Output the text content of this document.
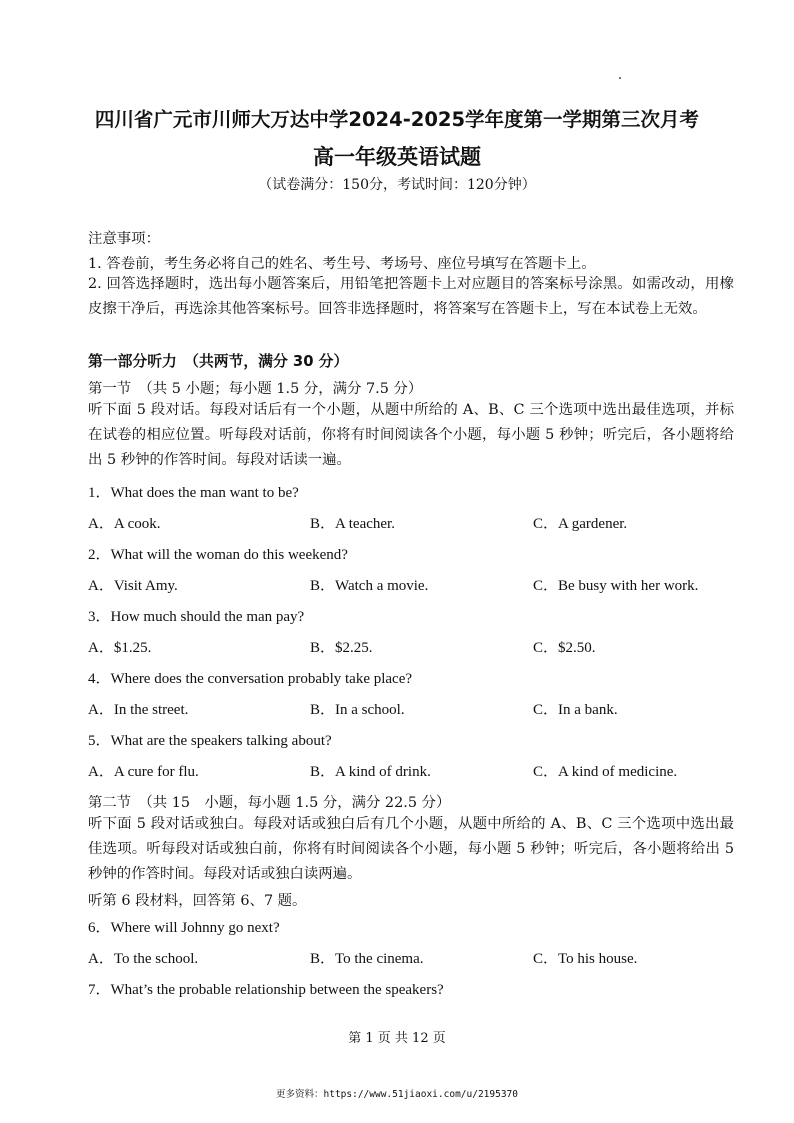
四川省广元市川师大万达中学2024-2025学年度第一学期第三次月考
高一年级英语试题
（试卷满分：150分，考试时间：120分钟）
注意事项：
1. 答卷前，考生务必将自己的姓名、考生号、考场号、座位号填写在答题卡上。
2. 回答选择题时，选出每小题答案后，用铅笔把答题卡上对应题目的答案标号涂黑。如需改动，用橡皮擦干净后，再选涂其他答案标号。回答非选择题时，将答案写在答题卡上，写在本试卷上无效。
第一部分听力　（共两节，满分 30 分）
第一节　（共 5 小题；每小题 1.5 分，满分 7.5 分）
听下面 5 段对话。每段对话后有一个小题，从题中所给的 A、B、C 三个选项中选出最佳选项，并标在试卷的相应位置。听每段对话前，你将有时间阅读各个小题，每小题 5 秒钟；听完后，各小题将给出 5 秒钟的作答时间。每段对话读一遍。
1．What does the man want to be?
A．A cook.	B．A teacher.	C．A gardener.
2．What will the woman do this weekend?
A．Visit Amy.	B．Watch a movie.	C．Be busy with her work.
3．How much should the man pay?
A．$1.25.	B．$2.25.	C．$2.50.
4．Where does the conversation probably take place?
A．In the street.	B．In a school.	C．In a bank.
5．What are the speakers talking about?
A．A cure for flu.	B．A kind of drink.	C．A kind of medicine.
第二节　（共 15　小题，每小题 1.5 分，满分 22.5 分）
听下面 5 段对话或独白。每段对话或独白后有几个小题，从题中所给的 A、B、C 三个选项中选出最佳选项。听每段对话或独白前，你将有时间阅读各个小题，每小题 5 秒钟；听完后，各小题将给出 5 秒钟的作答时间。每段对话或独白读两遍。
听第 6 段材料，回答第 6、7 题。
6．Where will Johnny go next?
A．To the school.	B．To the cinema.	C．To his house.
7．What’s the probable relationship between the speakers?
第 1 页 共 12 页
更多资料：https://www.51jiaoxi.com/u/2195370
